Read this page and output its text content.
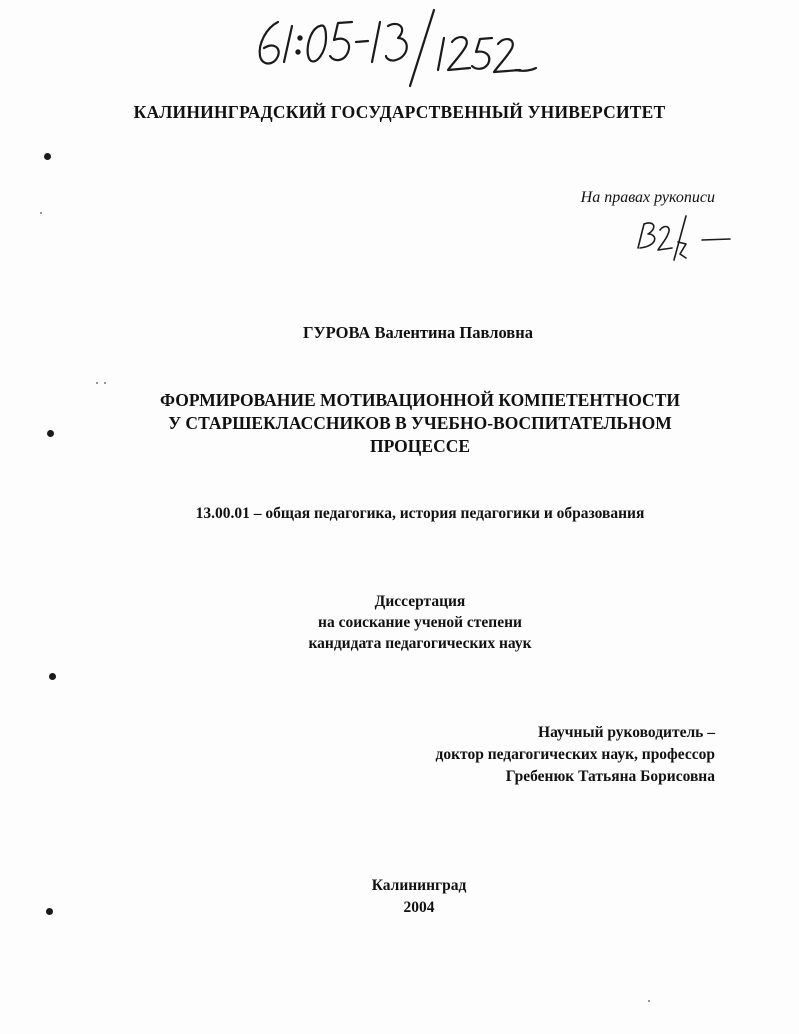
КАЛИНИНГРАДСКИЙ ГОСУДАРСТВЕННЫЙ УНИВЕРСИТЕТ
На правах рукописи
ГУРОВА Валентина Павловна
ФОРМИРОВАНИЕ МОТИВАЦИОННОЙ КОМПЕТЕНТНОСТИ
У СТАРШЕКЛАССНИКОВ В УЧЕБНО-ВОСПИТАТЕЛЬНОМ
ПРОЦЕССЕ
13.00.01 – общая педагогика, история педагогики и образования
Диссертация
на соискание ученой степени
кандидата педагогических наук
Научный руководитель –
доктор педагогических наук, профессор
Гребенюк Татьяна Борисовна
Калининград
2004
